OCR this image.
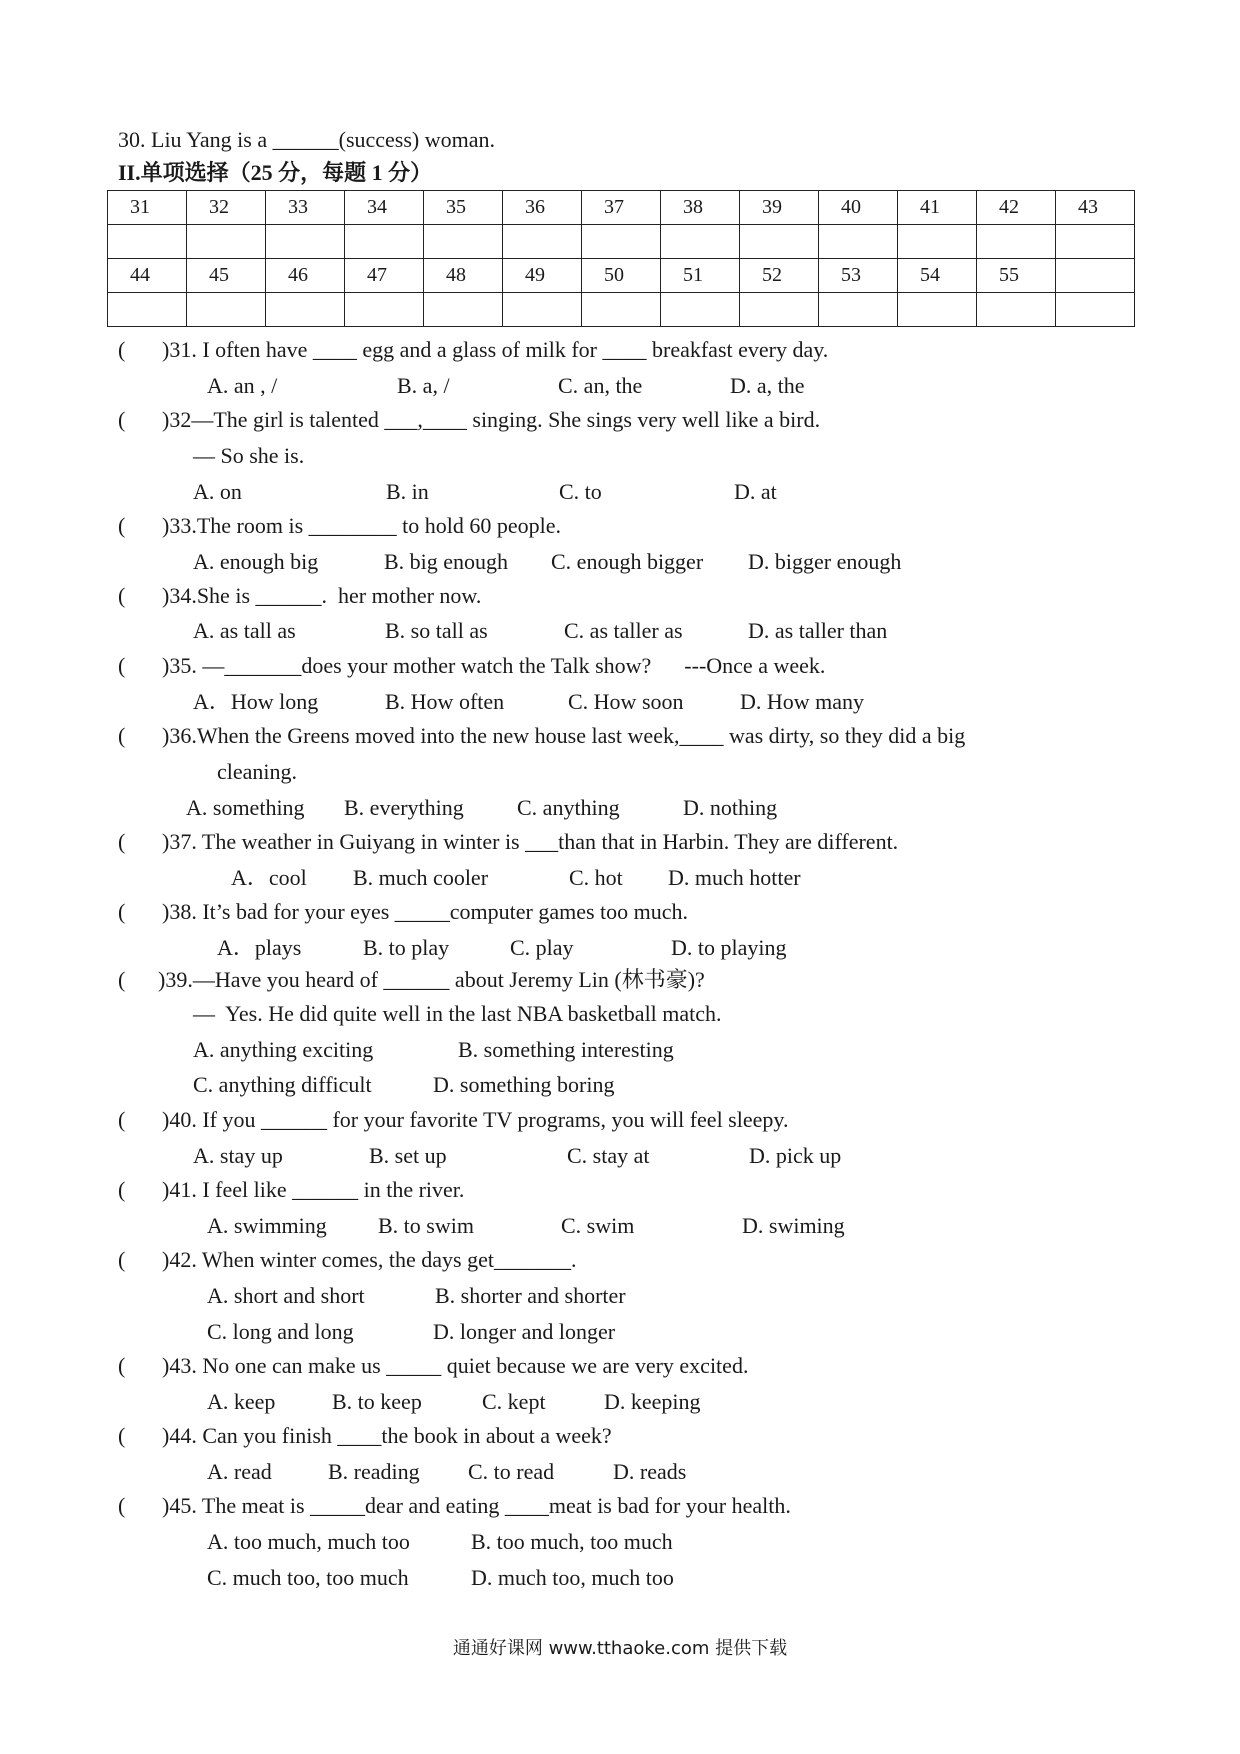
30. Liu Yang is a ______(success) woman.
II.单项选择（25 分，每题 1 分）
31	32	33	34	35	36	37	38	39	40	41	42	43

44	45	46	47	48	49	50	51	52	53	54	55	

( )31. I often have ____ egg and a glass of milk for ____ breakfast every day.
A. an , /	B. a, /	C. an, the	D. a, the
( )32—The girl is talented ___,____ singing. She sings very well like a bird.
— So she is.
A. on	B. in	C. to	D. at
( )33.The room is ________ to hold 60 people.
A. enough big	B. big enough C. enough bigger D. bigger enough
( )34.She is ______.  her mother now.
A. as tall as	B. so tall as	C. as taller as	D. as taller than
( )35. —_______does your mother watch the Talk show?      ---Once a week.
A．How long	B. How often	C. How soon	D. How many
( )36.When the Greens moved into the new house last week,____ was dirty, so they did a big
cleaning.
A. something B. everything C. anything	D. nothing
( )37. The weather in Guiyang in winter is ___than that in Harbin. They are different.
A．cool B. much cooler	C. hot D. much hotter
( )38. It’s bad for your eyes _____computer games too much.
A．plays	B. to play	C. play	D. to playing
( )39.—Have you heard of ______ about Jeremy Lin (林书豪)?
—  Yes. He did quite well in the last NBA basketball match.
A. anything exciting	B. something interesting
C. anything difficult	D. something boring
( )40. If you ______ for your favorite TV programs, you will feel sleepy.
A. stay up	B. set up	C. stay at	D. pick up
( )41. I feel like ______ in the river.
A. swimming B. to swim	C. swim	D. swiming
( )42. When winter comes, the days get_______.
A. short and short	B. shorter and shorter
C. long and long	D. longer and longer
( )43. No one can make us _____ quiet because we are very excited.
A. keep	B. to keep	C. kept	D. keeping
( )44. Can you finish ____the book in about a week?
A. read	B. reading C. to read	D. reads
( )45. The meat is _____dear and eating ____meat is bad for your health.
A. too much, much too	B. too much, too much
C. much too, too much	D. much too, much too
通通好课网 www.tthaoke.com 提供下载
